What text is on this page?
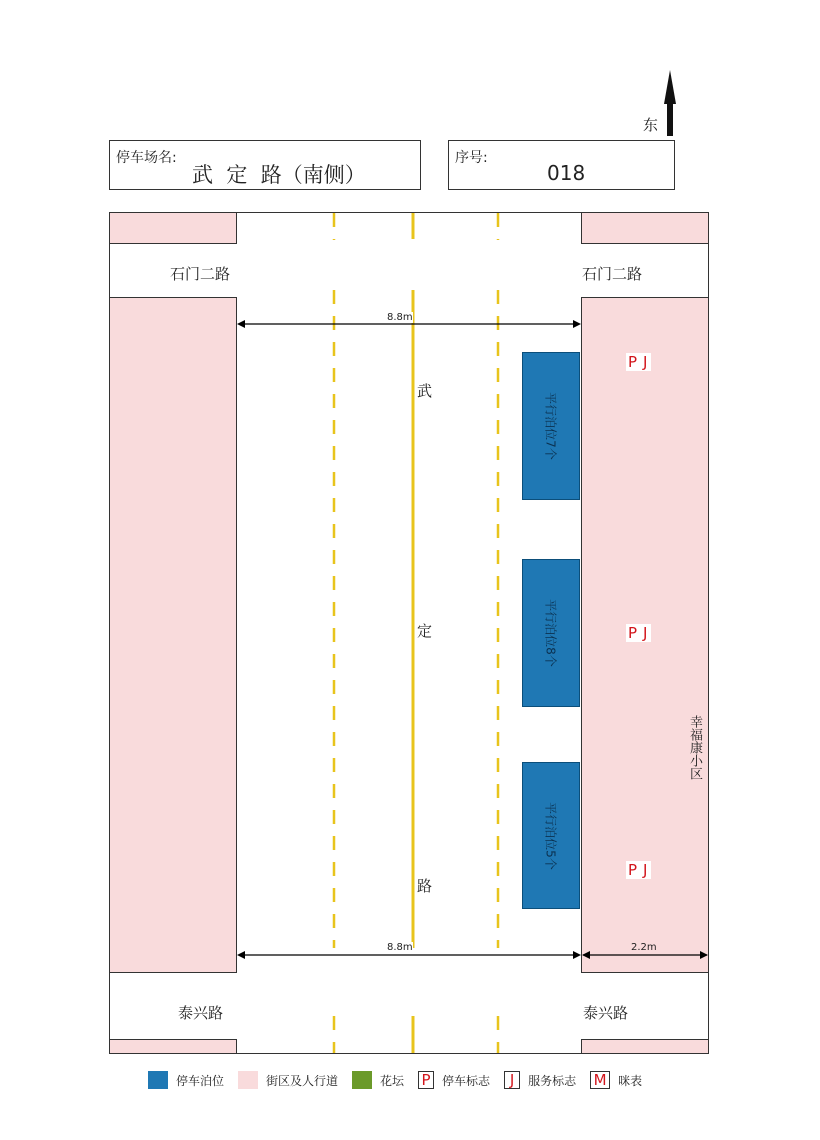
东
停车场名:
武  定  路（南侧）
序号:
018
石门二路	石门二路
泰兴路	泰兴路
8.8m
8.8m	2.2m
武
定
路
平行泊位7个
平行泊位8个
平行泊位5个
P J
P J
P J
幸福康小区
停车泊位	街区及人行道	花坛 P 停车标志	J	服务标志 M 咪表
